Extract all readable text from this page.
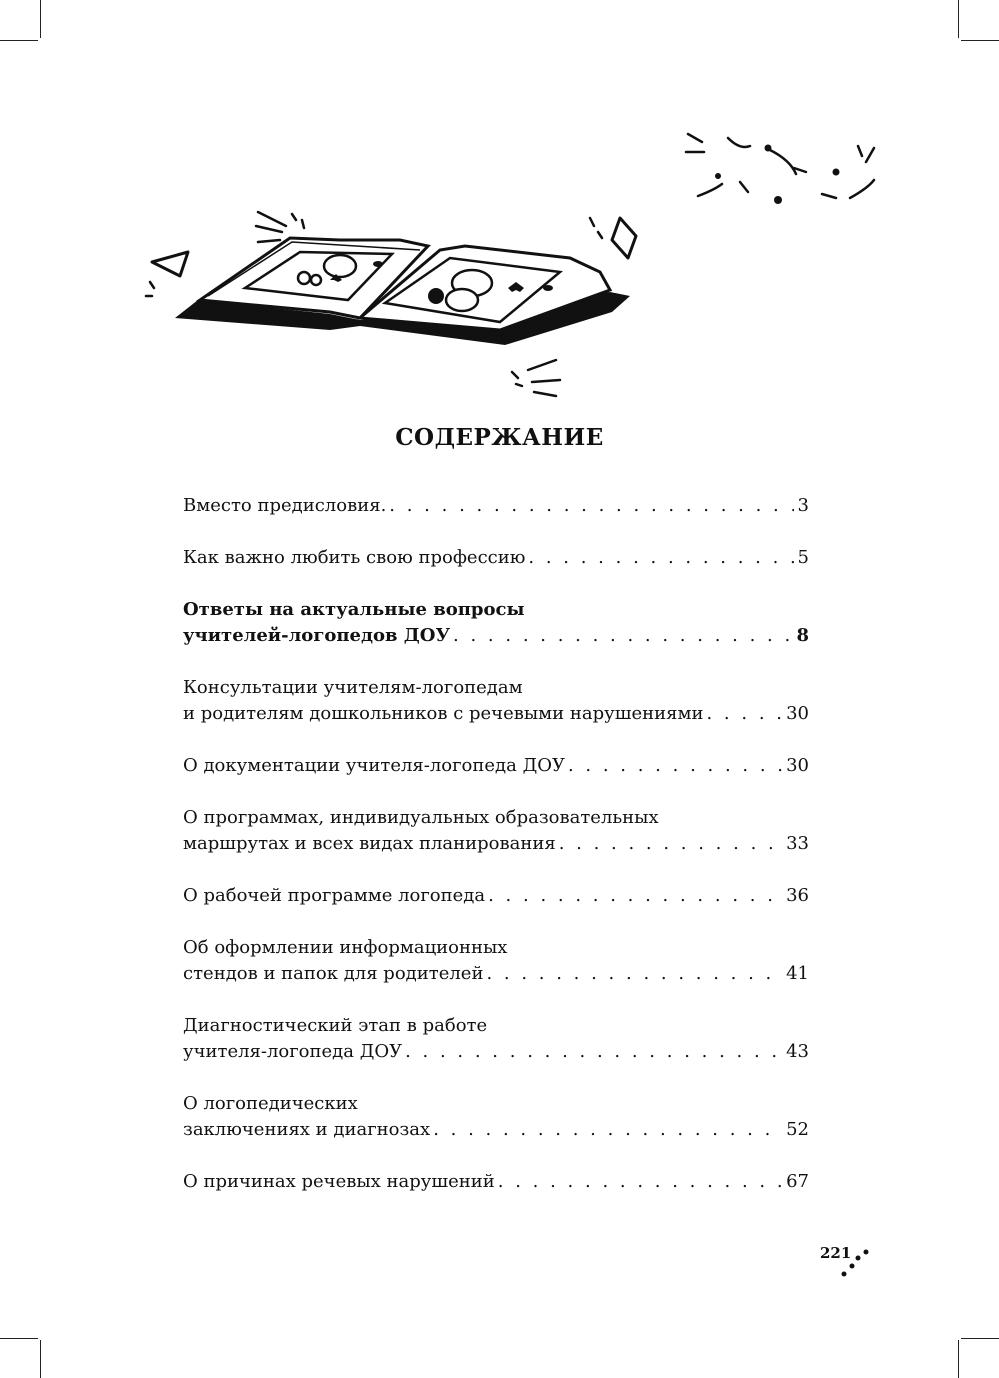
СОДЕРЖАНИЕ
Вместо предисловия. . . .	3
Как важно любить свою профессию . . .	5
Ответы на актуальные вопросы
учителей-логопедов ДОУ . . .	8
Консультации учителям-логопедам
и родителям дошкольников с речевыми нарушениями . . .	30
О документации учителя-логопеда ДОУ . . .	30
О программах, индивидуальных образовательных
маршрутах и всех видах планирования . . .	33
О рабочей программе логопеда . . .	36
Об оформлении информационных
стендов и папок для родителей . . .	41
Диагностический этап в работе
учителя-логопеда ДОУ . . .	43
О логопедических
заключениях и диагнозах . . .	52
О причинах речевых нарушений . . .	67
221
